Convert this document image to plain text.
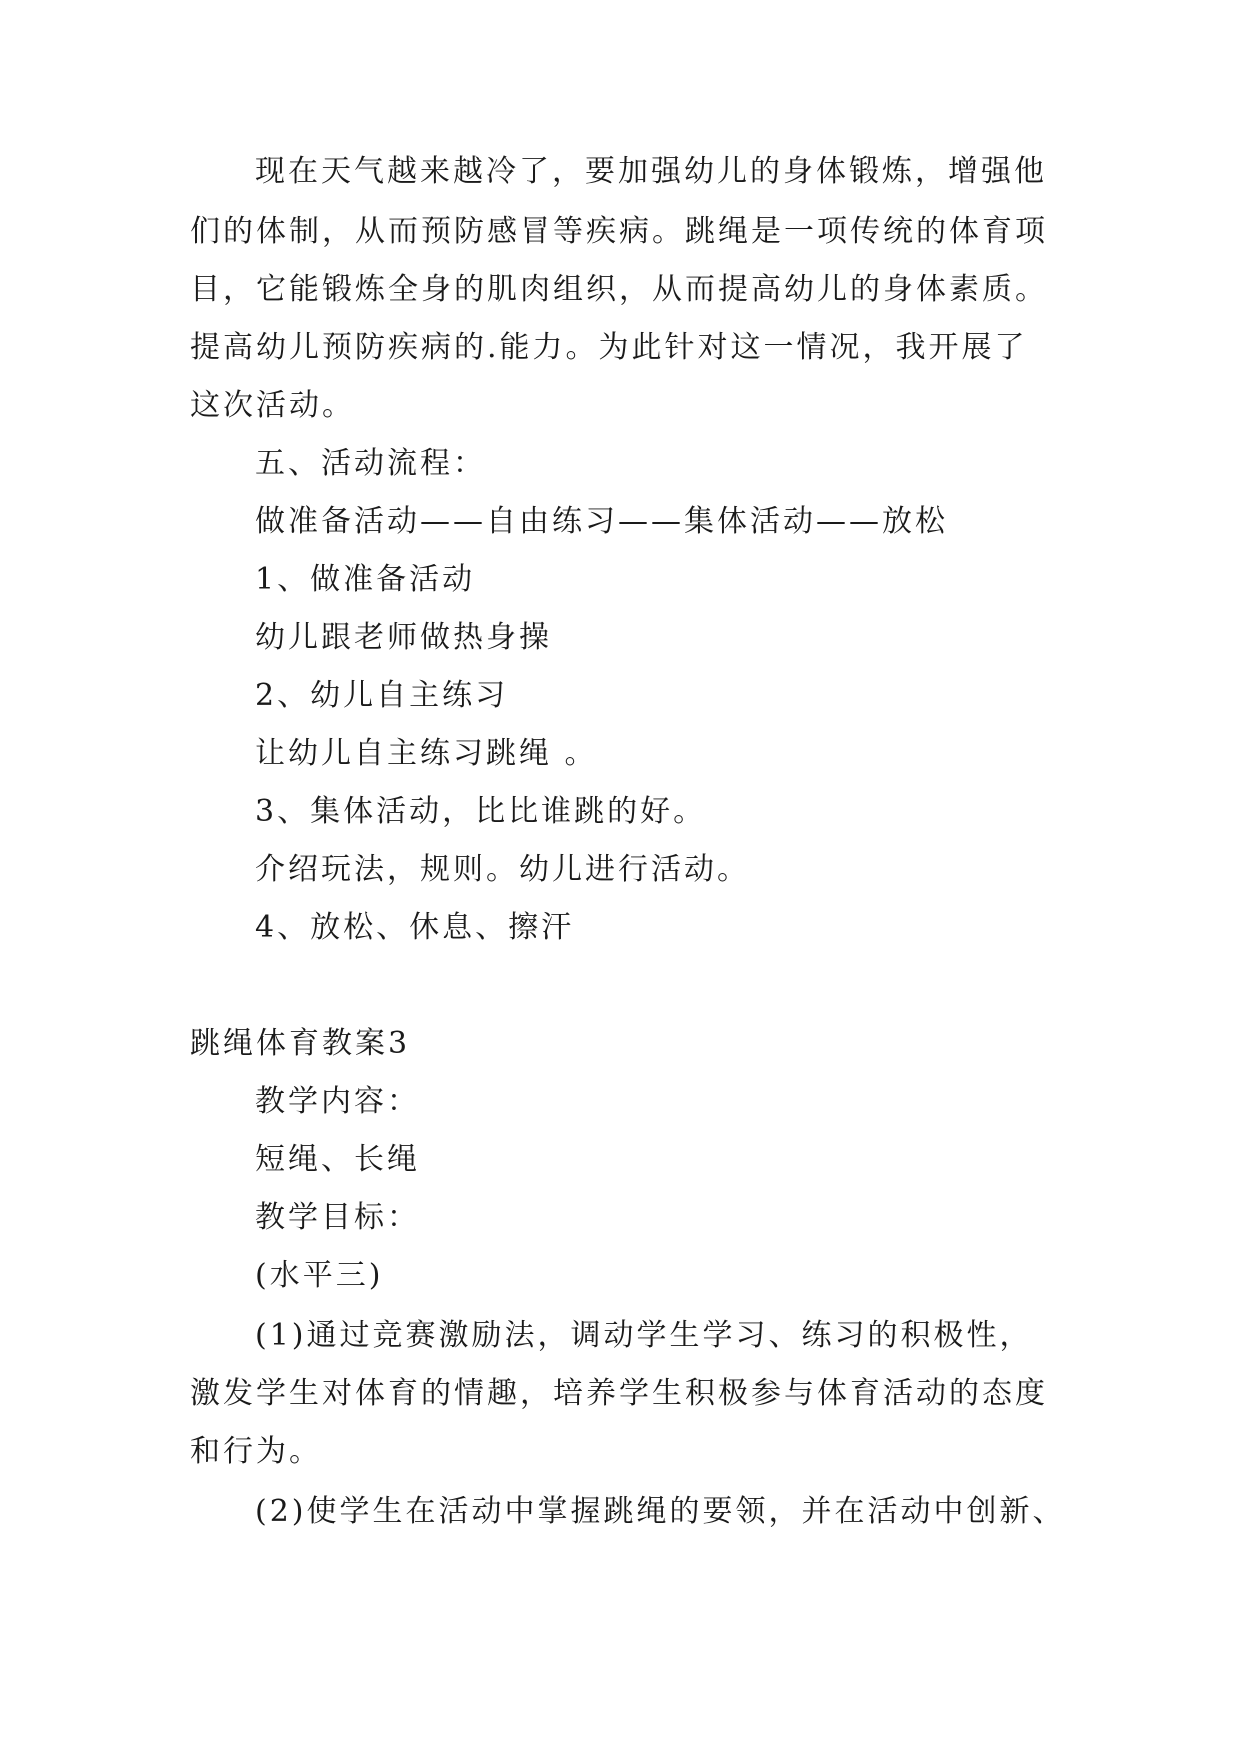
现在天气越来越冷了，要加强幼儿的身体锻炼，增强他
们的体制，从而预防感冒等疾病。跳绳是一项传统的体育项
目，它能锻炼全身的肌肉组织，从而提高幼儿的身体素质。
提高幼儿预防疾病的.能力。为此针对这一情况，我开展了
这次活动。
五、活动流程：
做准备活动——自由练习——集体活动——放松
1、做准备活动
幼儿跟老师做热身操
2、幼儿自主练习
让幼儿自主练习跳绳 。
3、集体活动，比比谁跳的好。
介绍玩法，规则。幼儿进行活动。
4、放松、休息、擦汗
跳绳体育教案3
教学内容：
短绳、长绳
教学目标：
(水平三)
(1)通过竞赛激励法，调动学生学习、练习的积极性，
激发学生对体育的情趣，培养学生积极参与体育活动的态度
和行为。
(2)使学生在活动中掌握跳绳的要领，并在活动中创新、
